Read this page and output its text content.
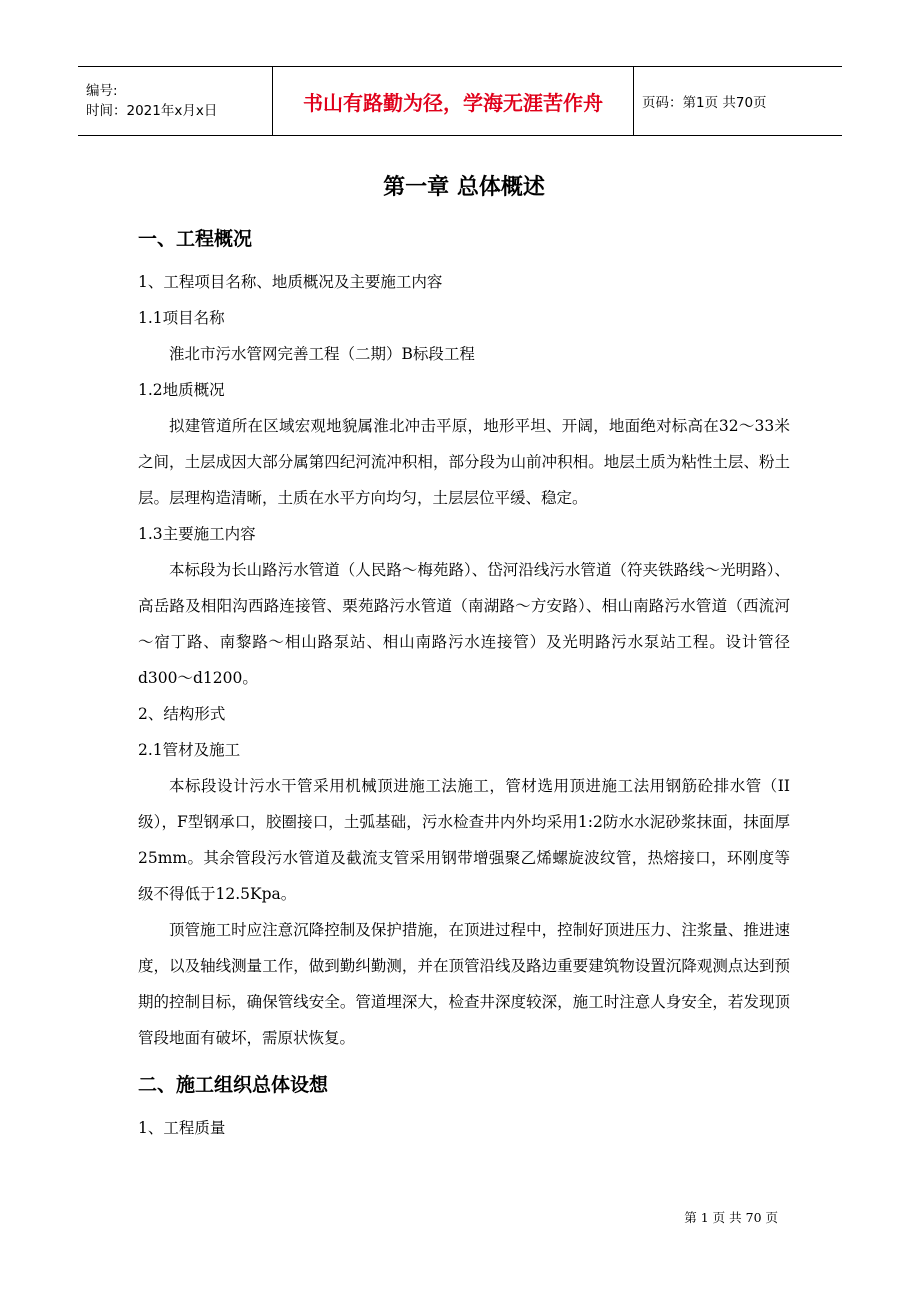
编号:
时间：2021年x月x日	书山有路勤为径，学海无涯苦作舟	页码：第1页 共70页
第一章 总体概述
一、工程概况

1、工程项目名称、地质概况及主要施工内容

1.1项目名称

淮北市污水管网完善工程（二期）B标段工程

1.2地质概况

拟建管道所在区域宏观地貌属淮北冲击平原，地形平坦、开阔，地面绝对标高在32～33米之间，土层成因大部分属第四纪河流冲积相，部分段为山前冲积相。地层土质为粘性土层、粉土层。层理构造清晰，土质在水平方向均匀，土层层位平缓、稳定。

1.3主要施工内容

本标段为长山路污水管道（人民路～梅苑路）、岱河沿线污水管道（符夹铁路线～光明路）、高岳路及相阳沟西路连接管、栗苑路污水管道（南湖路～方安路）、相山南路污水管道（西流河～宿丁路、南黎路～相山路泵站、相山南路污水连接管）及光明路污水泵站工程。设计管径d300～d1200。

2、结构形式

2.1管材及施工

本标段设计污水干管采用机械顶进施工法施工，管材选用顶进施工法用钢筋砼排水管（II级），F型钢承口，胶圈接口，土弧基础，污水检查井内外均采用1:2防水水泥砂浆抹面，抹面厚25mm。其余管段污水管道及截流支管采用钢带增强聚乙烯螺旋波纹管，热熔接口，环刚度等级不得低于12.5Kpa。

顶管施工时应注意沉降控制及保护措施，在顶进过程中，控制好顶进压力、注浆量、推进速度，以及轴线测量工作，做到勤纠勤测，并在顶管沿线及路边重要建筑物设置沉降观测点达到预期的控制目标，确保管线安全。管道埋深大，检查井深度较深，施工时注意人身安全，若发现顶管段地面有破坏，需原状恢复。

二、施工组织总体设想

1、工程质量

第 1 页 共 70 页
